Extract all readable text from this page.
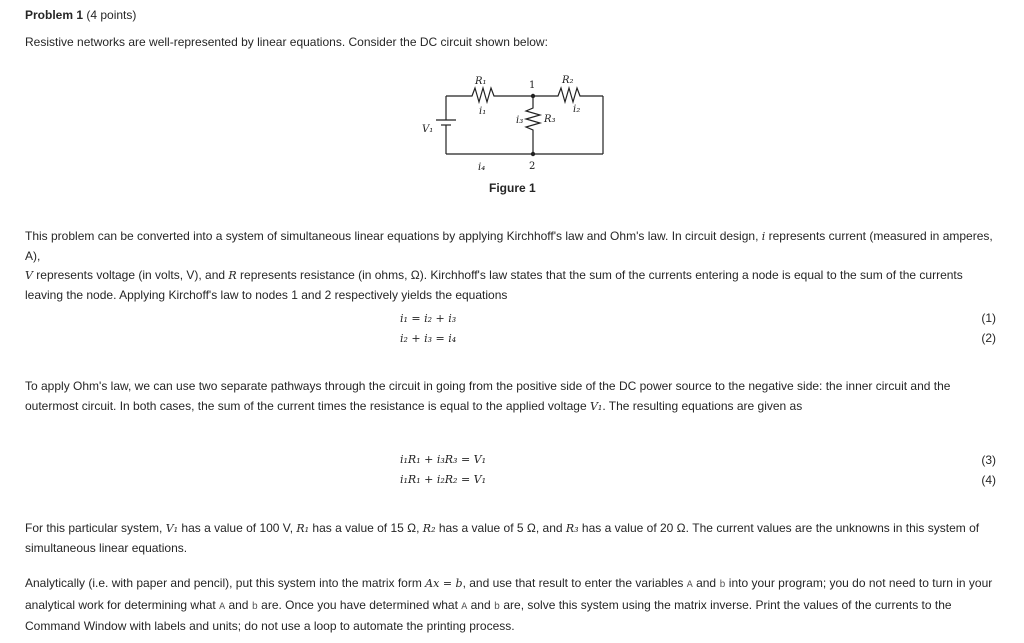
Problem 1 (4 points)

Resistive networks are well-represented by linear equations. Consider the DC circuit shown below:

V₁
R₁	R₂
R₃
i₁	i₂
i₃
i₄
1
2
Figure 1

This problem can be converted into a system of simultaneous linear equations by applying Kirchhoff's law and Ohm's law. In circuit design, i represents current (measured in amperes, A),
V represents voltage (in volts, V), and R represents resistance (in ohms, Ω). Kirchhoff's law states that the sum of the currents entering a node is equal to the sum of the currents leaving the node. Applying Kirchoff's law to nodes 1 and 2 respectively yields the equations

i₁ = i₂ + i₃	(1)
i₂ + i₃ = i₄	(2)

To apply Ohm's law, we can use two separate pathways through the circuit in going from the positive side of the DC power source to the negative side: the inner circuit and the outermost circuit. In both cases, the sum of the current times the resistance is equal to the applied voltage V₁. The resulting equations are given as

i₁R₁ + i₃R₃ = V₁	(3)
i₁R₁ + i₂R₂ = V₁	(4)

For this particular system, V₁ has a value of 100 V, R₁ has a value of 15 Ω, R₂ has a value of 5 Ω, and R₃ has a value of 20 Ω. The current values are the unknowns in this system of simultaneous linear equations.

Analytically (i.e. with paper and pencil), put this system into the matrix form Ax = b, and use that result to enter the variables A and b into your program; you do not need to turn in your analytical work for determining what A and b are. Once you have determined what A and b are, solve this system using the matrix inverse. Print the values of the currents to the Command Window with labels and units; do not use a loop to automate the printing process.
